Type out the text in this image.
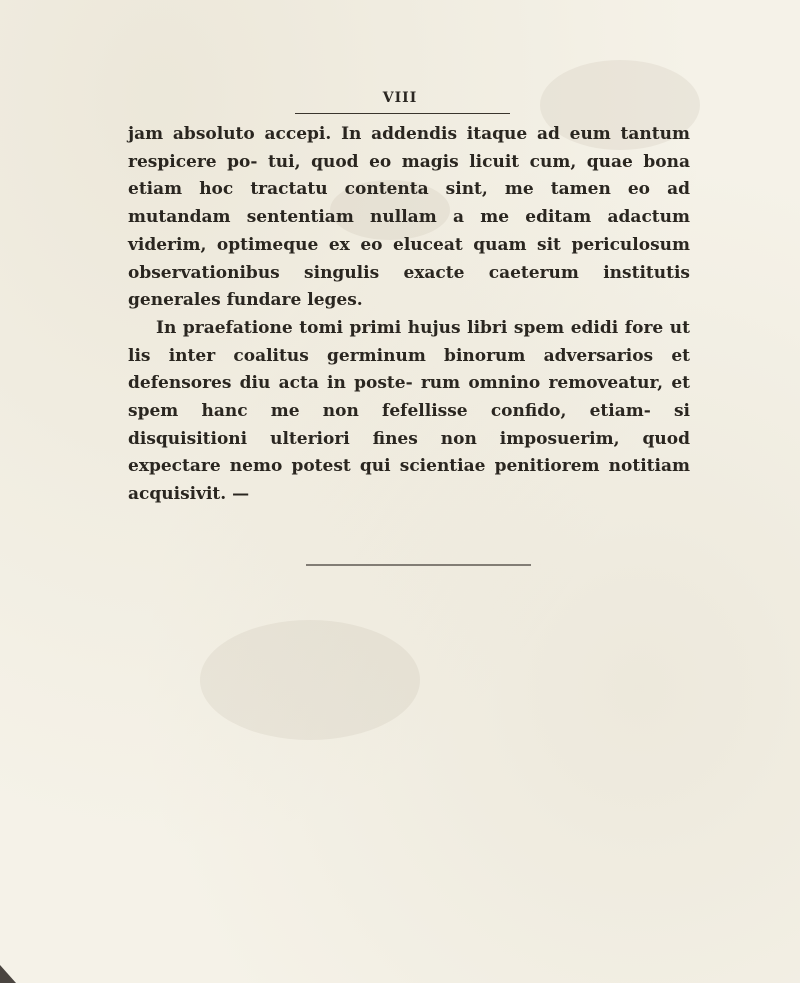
VIII

jam absoluto accepi. In addendis itaque ad eum tantum respicere po- tui, quod eo magis licuit cum, quae bona etiam hoc tractatu contenta sint, me tamen eo ad mutandam sententiam nullam a me editam adactum viderim, optimeque ex eo eluceat quam sit periculosum observationibus singulis exacte caeterum institutis generales fundare leges.

In praefatione tomi primi hujus libri spem edidi fore ut lis inter coalitus germinum binorum adversarios et defensores diu acta in poste- rum omnino removeatur, et spem hanc me non fefellisse confido, etiam- si disquisitioni ulteriori fines non imposuerim, quod expectare nemo potest qui scientiae penitiorem notitiam acquisivit. —
